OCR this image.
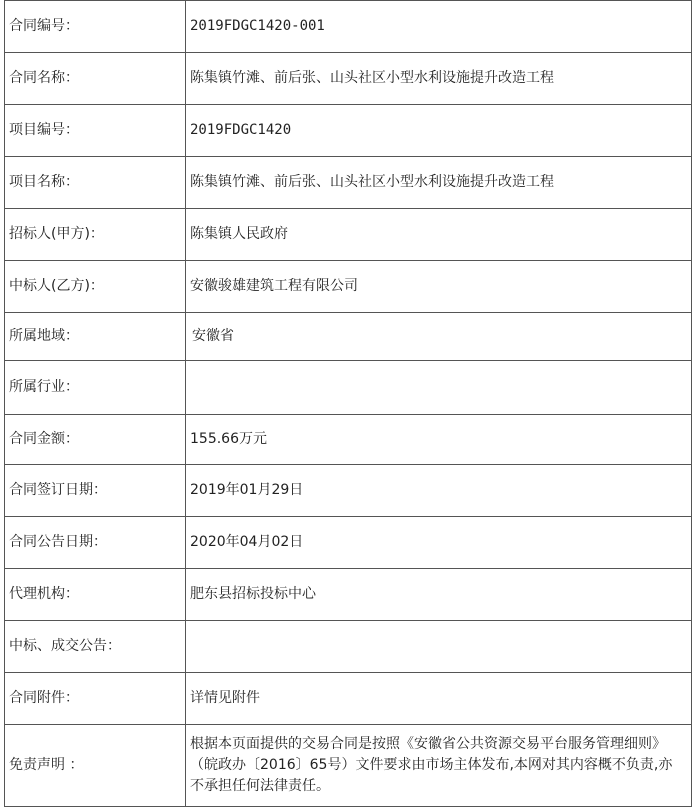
合同编号：	2019FDGC1420-001
合同名称：	陈集镇竹滩、前后张、山头社区小型水利设施提升改造工程
项目编号：	2019FDGC1420
项目名称：	陈集镇竹滩、前后张、山头社区小型水利设施提升改造工程
招标人(甲方)：	陈集镇人民政府
中标人(乙方)：	安徽骏雄建筑工程有限公司
所属地域：	安徽省
所属行业：	
合同金额：	155.66万元
合同签订日期：	2019年01月29日
合同公告日期：	2020年04月02日
代理机构：	肥东县招标投标中心
中标、成交公告：	
合同附件：	详情见附件
免责声明 ：	根据本页面提供的交易合同是按照《安徽省公共资源交易平台服务管理细则》（皖政办〔2016〕65号）文件要求由市场主体发布,本网对其内容概不负责,亦不承担任何法律责任。
